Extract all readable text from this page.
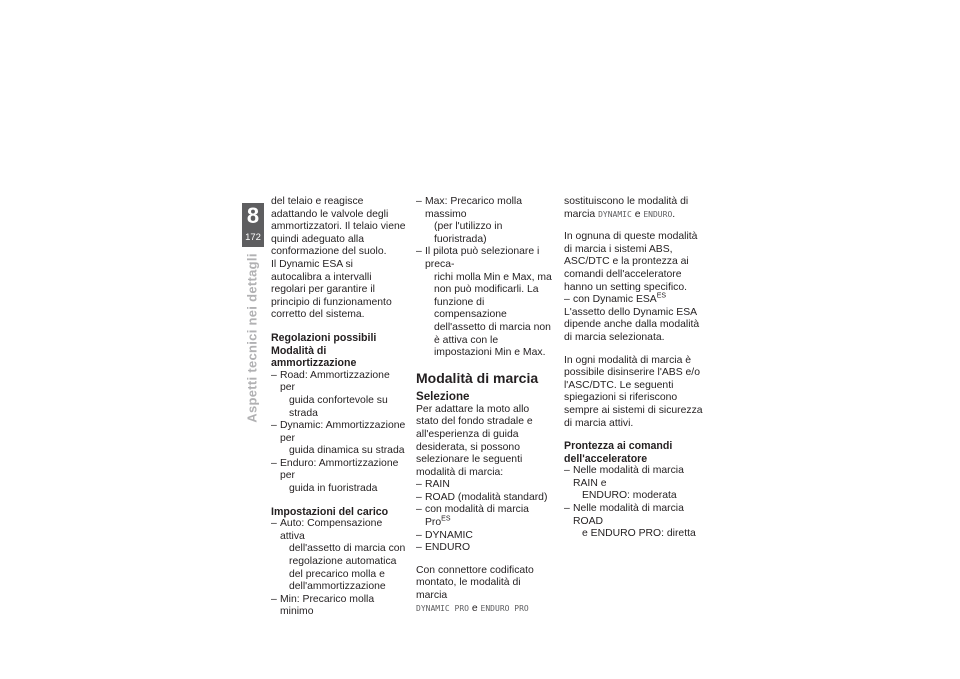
8
172
Aspetti tecnici nei dettagli

del telaio e reagisce adattando le valvole degli ammortizzatori. Il telaio viene quindi adeguato alla conformazione del suolo.

Il Dynamic ESA si autocalibra a intervalli regolari per garantire il principio di funzionamento corretto del sistema.

Regolazioni possibili

Modalità di ammortizzazione

– Road: Ammortizzazione per
guida confortevole su strada
– Dynamic: Ammortizzazione per
guida dinamica su strada
– Enduro: Ammortizzazione per
guida in fuoristrada

Impostazioni del carico

– Auto: Compensazione attiva
dell'assetto di marcia con regolazione automatica del precarico molla e dell'ammortizzazione
– Min: Precarico molla minimo
– Max: Precarico molla massimo
(per l'utilizzo in fuoristrada)
– Il pilota può selezionare i preca-
richi molla Min e Max, ma non può modificarli. La funzione di compensazione dell'assetto di marcia non è attiva con le impostazioni Min e Max.

Modalità di marcia

Selezione

Per adattare la moto allo stato del fondo stradale e all'esperienza di guida desiderata, si possono selezionare le seguenti modalità di marcia:

– RAIN
– ROAD (modalità standard)
– con modalità di marcia Pro$^{ES}$
– DYNAMIC
– ENDURO

Con connettore codificato montato, le modalità di marcia
DYNAMIC PRO e ENDURO PRO

sostituiscono le modalità di marcia DYNAMIC e ENDURO.

In ognuna di queste modalità di marcia i sistemi ABS, ASC/DTC e la prontezza ai comandi dell'acceleratore hanno un setting specifico.

– con Dynamic $ESA^{ES}$

L'assetto dello Dynamic ESA dipende anche dalla modalità di marcia selezionata.

In ogni modalità di marcia è possibile disinserire l'ABS e/o l'ASC/DTC. Le seguenti spiegazioni si riferiscono sempre ai sistemi di sicurezza di marcia attivi.

Prontezza ai comandi dell'acceleratore

– Nelle modalità di marcia RAIN e
ENDURO: moderata
– Nelle modalità di marcia ROAD
e ENDURO PRO: diretta
